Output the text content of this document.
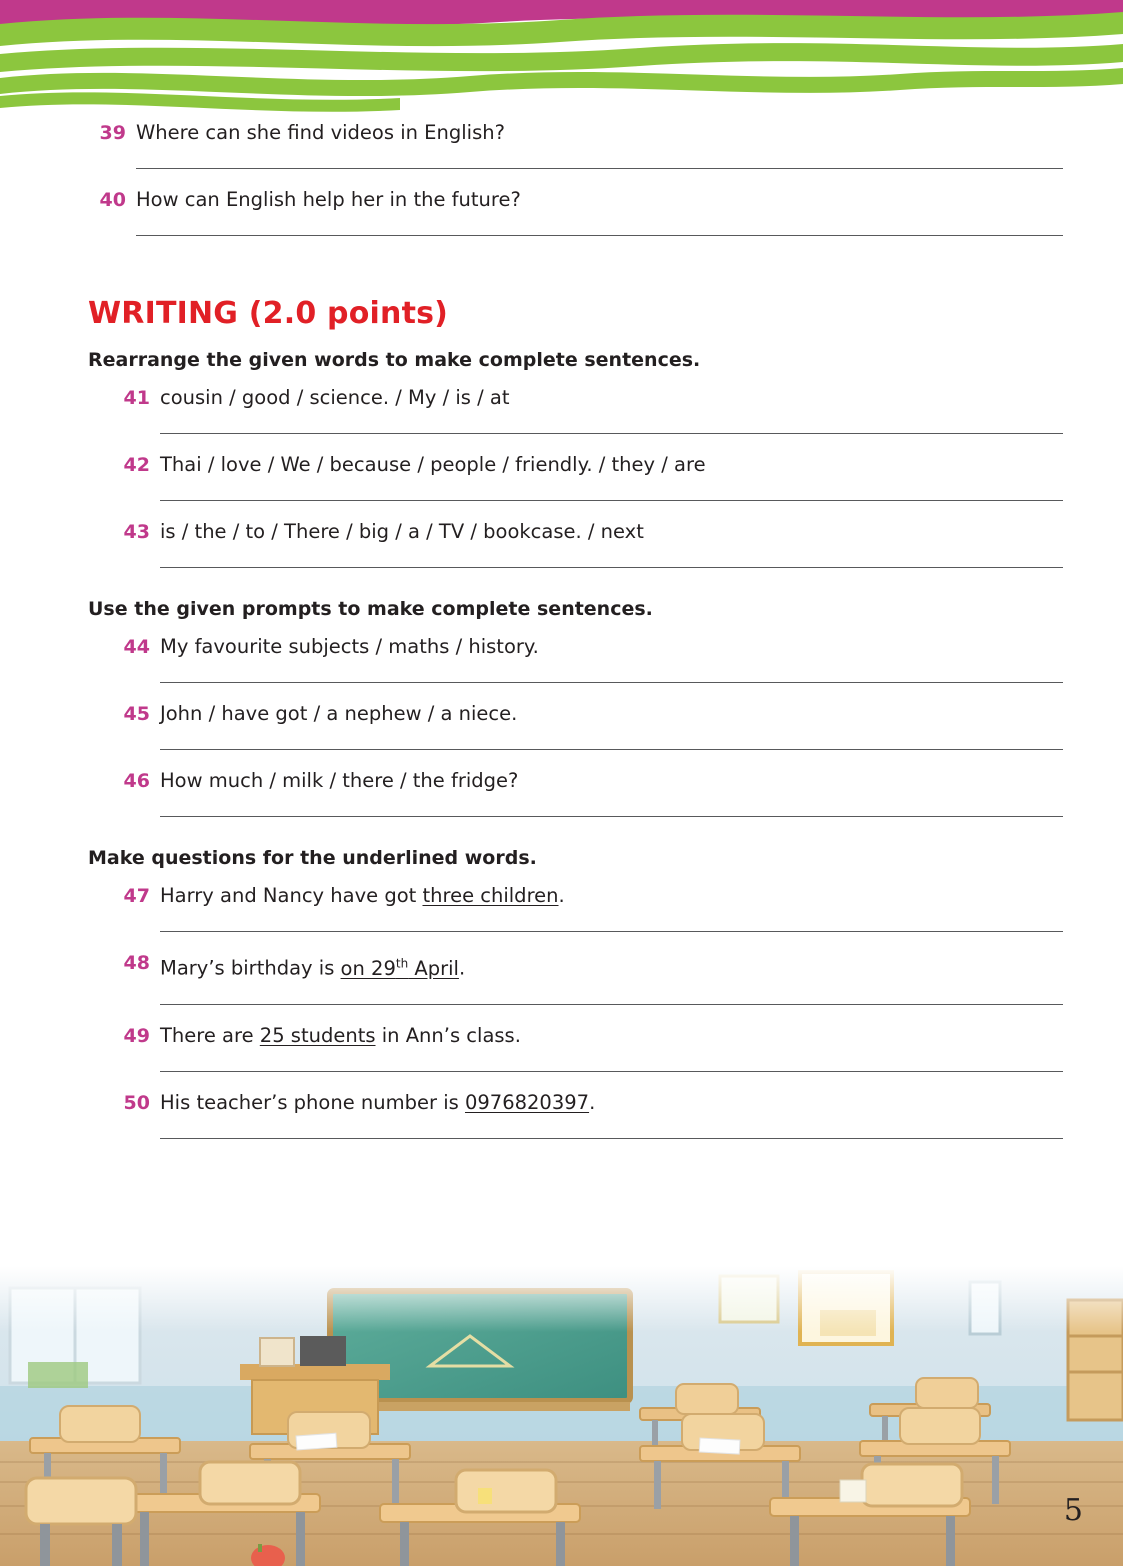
39 Where can she find videos in English?
40 How can English help her in the future?
WRITING (2.0 points)
Rearrange the given words to make complete sentences.
41 cousin / good / science. / My / is / at
42 Thai / love / We / because / people / friendly. / they / are
43 is / the / to / There / big / a / TV / bookcase. / next
Use the given prompts to make complete sentences.
44 My favourite subjects / maths / history.
45 John / have got / a nephew / a niece.
46 How much / milk / there / the fridge?
Make questions for the underlined words.
47 Harry and Nancy have got three children.
48 Mary’s birthday is on 29th April.
49 There are 25 students in Ann’s class.
50 His teacher’s phone number is 0976820397.
5
